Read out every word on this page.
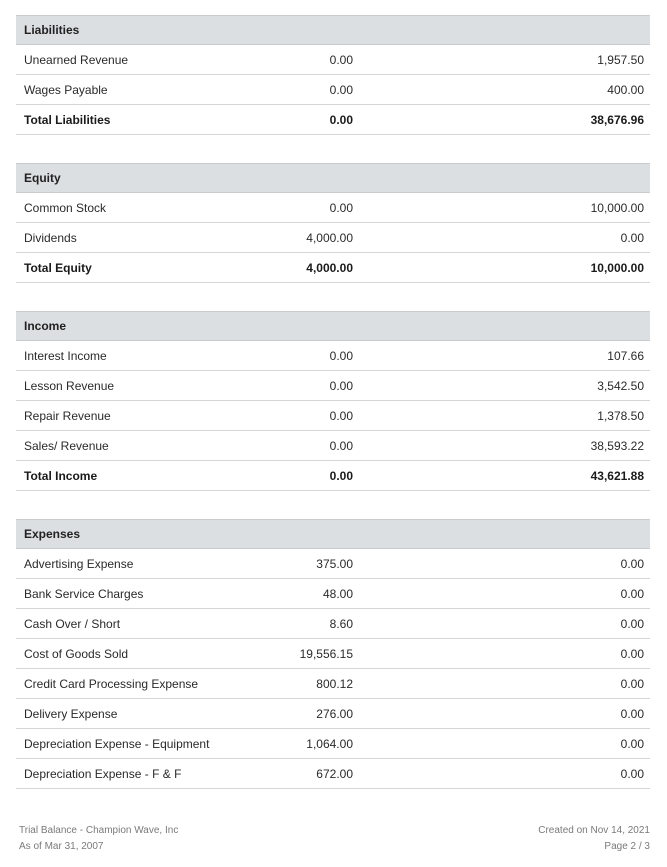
Liabilities
Unearned Revenue	0.00	1,957.50
Wages Payable	0.00	400.00
Total Liabilities	0.00	38,676.96
Equity
Common Stock	0.00	10,000.00
Dividends	4,000.00	0.00
Total Equity	4,000.00	10,000.00
Income
Interest Income	0.00	107.66
Lesson Revenue	0.00	3,542.50
Repair Revenue	0.00	1,378.50
Sales/ Revenue	0.00	38,593.22
Total Income	0.00	43,621.88
Expenses
Advertising Expense	375.00	0.00
Bank Service Charges	48.00	0.00
Cash Over / Short	8.60	0.00
Cost of Goods Sold	19,556.15	0.00
Credit Card Processing Expense	800.12	0.00
Delivery Expense	276.00	0.00
Depreciation Expense - Equipment	1,064.00	0.00
Depreciation Expense - F & F	672.00	0.00
Trial Balance - Champion Wave, Inc	Created on Nov 14, 2021
As of Mar 31, 2007	Page 2 / 3
